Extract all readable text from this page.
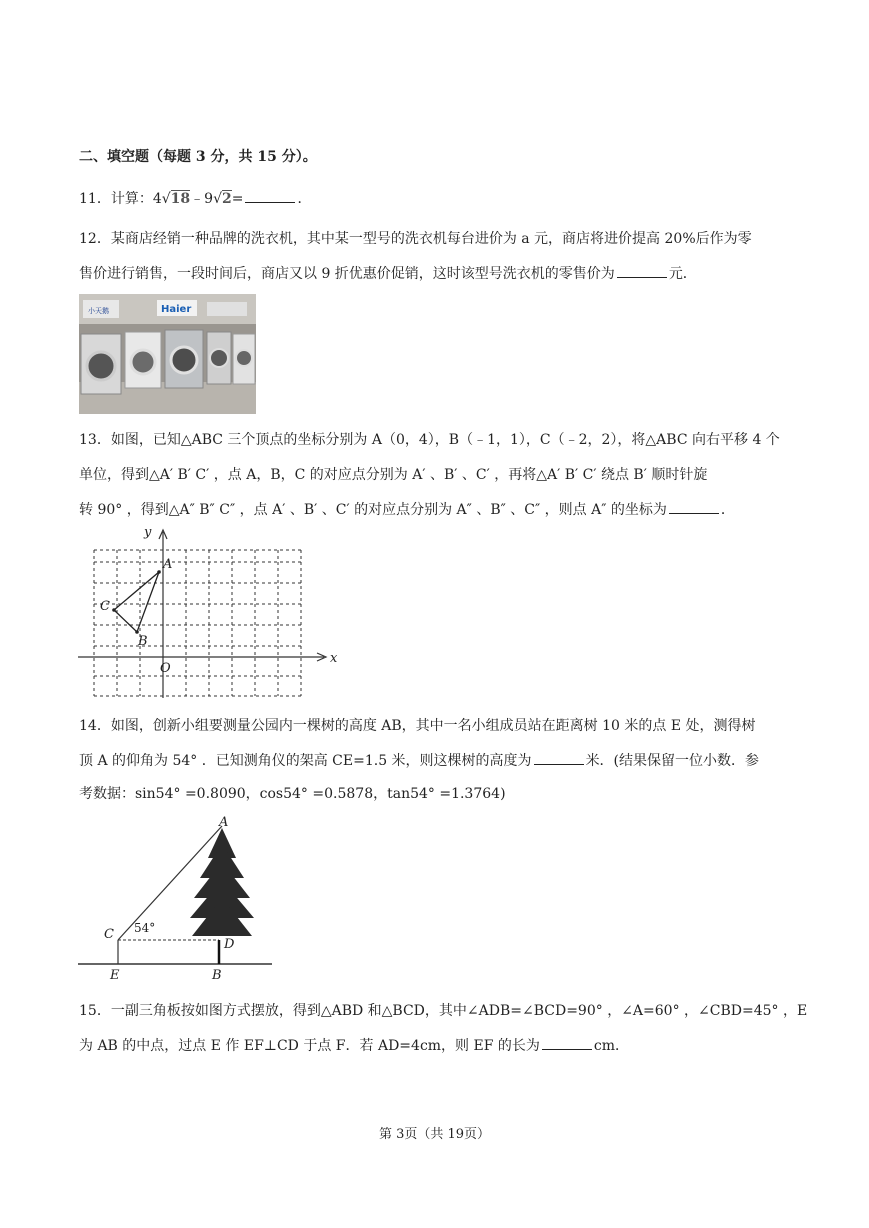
二、填空题（每题 3 分，共 15 分）。
11．计算：4√18﹣9√2=	．
12．某商店经销一种品牌的洗衣机，其中某一型号的洗衣机每台进价为 a 元，商店将进价提高 20%后作为零
售价进行销售，一段时间后，商店又以 9 折优惠价促销，这时该型号洗衣机的零售价为	元．
小天鹅	Haier
13．如图，已知△ABC 三个顶点的坐标分别为 A（0，4），B（﹣1，1），C（﹣2，2），将△ABC 向右平移 4 个
单位，得到△A′ B′ C′ ，点 A，B，C 的对应点分别为 A′ 、B′ 、C′ ，再将△A′ B′ C′ 绕点 B′ 顺时针旋
转 90° ，得到△A″ B″ C″ ，点 A′ 、B′ 、C′ 的对应点分别为 A″ 、B″ 、C″ ，则点 A″ 的坐标为	．
y
x
A
B
C
O
14．如图，创新小组要测量公园内一棵树的高度 AB，其中一名小组成员站在距离树 10 米的点 E 处，测得树
顶 A 的仰角为 54° ．已知测角仪的架高 CE=1.5 米，则这棵树的高度为	米．(结果保留一位小数．参
考数据：sin54° =0.8090，cos54° =0.5878，tan54° =1.3764)
A
C
D
E	B
54°
15．一副三角板按如图方式摆放，得到△ABD 和△BCD，其中∠ADB=∠BCD=90° ，∠A=60° ，∠CBD=45° ，E
为 AB 的中点，过点 E 作 EF⊥CD 于点 F．若 AD=4cm，则 EF 的长为	cm．
第 3页（共 19页）
